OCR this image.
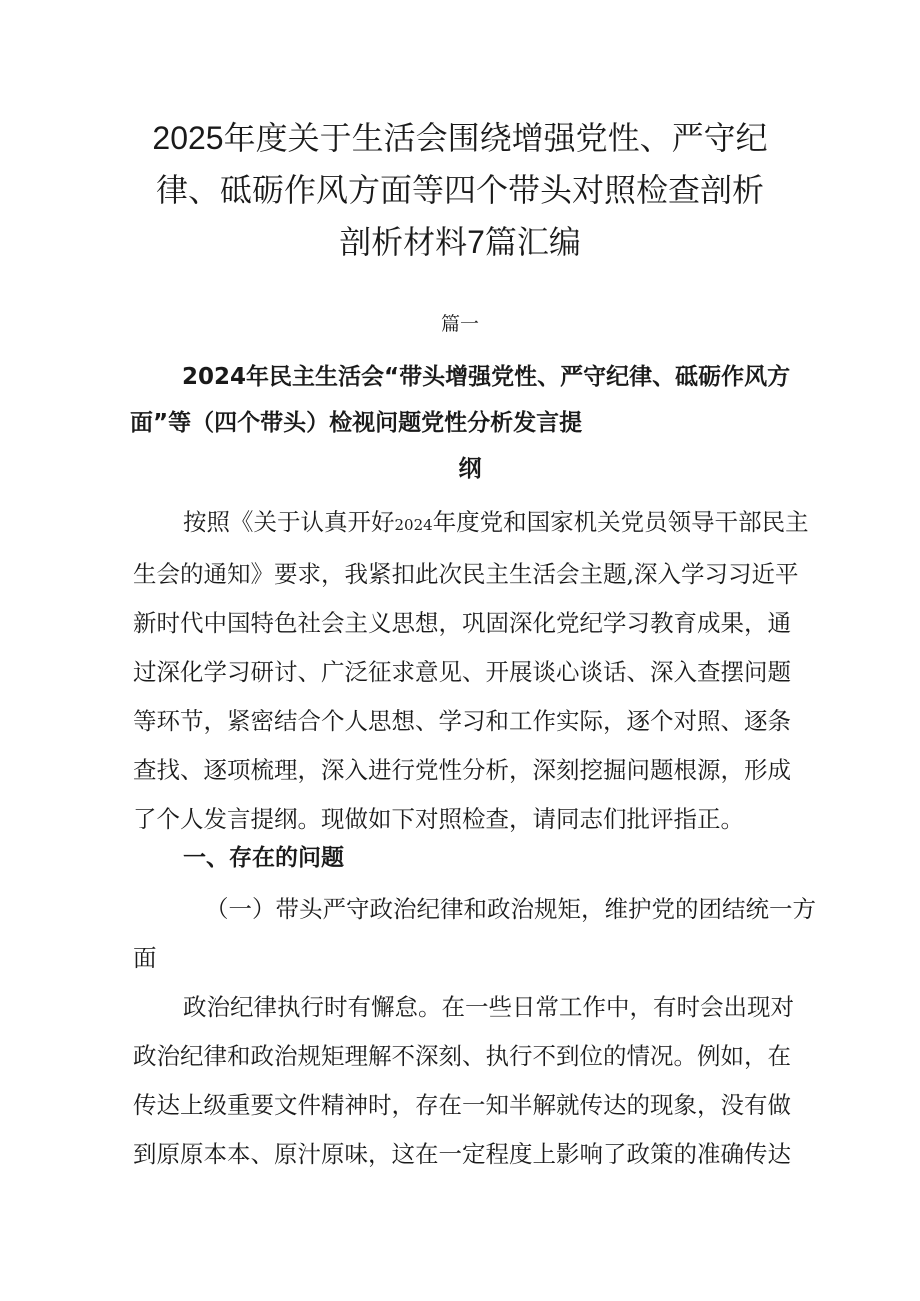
2025年度关于生活会围绕增强党性、严守纪
律、砥砺作风方面等四个带头对照检查剖析
剖析材料7篇汇编
篇一
2024年民主生活会“带头增强党性、严守纪律、砥砺作风方
面”等（四个带头）检视问题党性分析发言提
纲
按照《关于认真开好2024年度党和国家机关党员领导干部民主
生会的通知》要求，我紧扣此次民主生活会主题,深入学习习近平
新时代中国特色社会主义思想，巩固深化党纪学习教育成果，通
过深化学习研讨、广泛征求意见、开展谈心谈话、深入查摆问题
等环节，紧密结合个人思想、学习和工作实际，逐个对照、逐条
查找、逐项梳理，深入进行党性分析，深刻挖掘问题根源，形成
了个人发言提纲。现做如下对照检查，请同志们批评指正。
一、存在的问题
（一）带头严守政治纪律和政治规矩，维护党的团结统一方
面
政治纪律执行时有懈怠。在一些日常工作中，有时会出现对
政治纪律和政治规矩理解不深刻、执行不到位的情况。例如，在
传达上级重要文件精神时，存在一知半解就传达的现象，没有做
到原原本本、原汁原味，这在一定程度上影响了政策的准确传达
